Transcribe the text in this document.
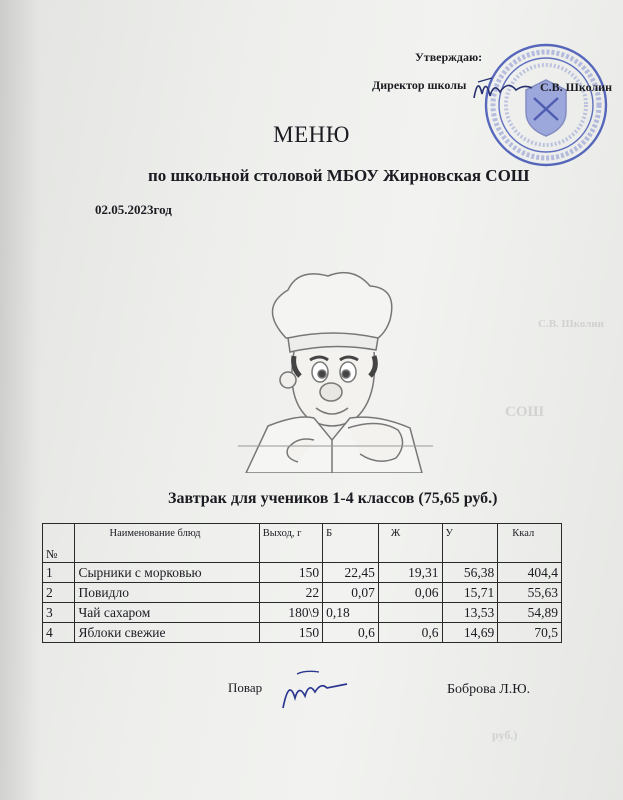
С.В. Школин
СОШ
руб.)
Утверждаю:
Директор школы	С.В. Школин
МЕНЮ
по школьной столовой МБОУ Жирновская СОШ
02.05.2023год
Завтрак для учеников 1-4 классов (75,65 руб.)
№	Наименование блюд	Выход, г	Б	Ж	У	Ккал
1	Сырники с морковью	150	22,45	19,31	56,38	404,4
2	Повидло	22	0,07	0,06	15,71	55,63
3	Чай сахаром	180\9	0,18		13,53	54,89
4	Яблоки свежие	150	0,6	0,6	14,69	70,5
Повар	Боброва Л.Ю.
